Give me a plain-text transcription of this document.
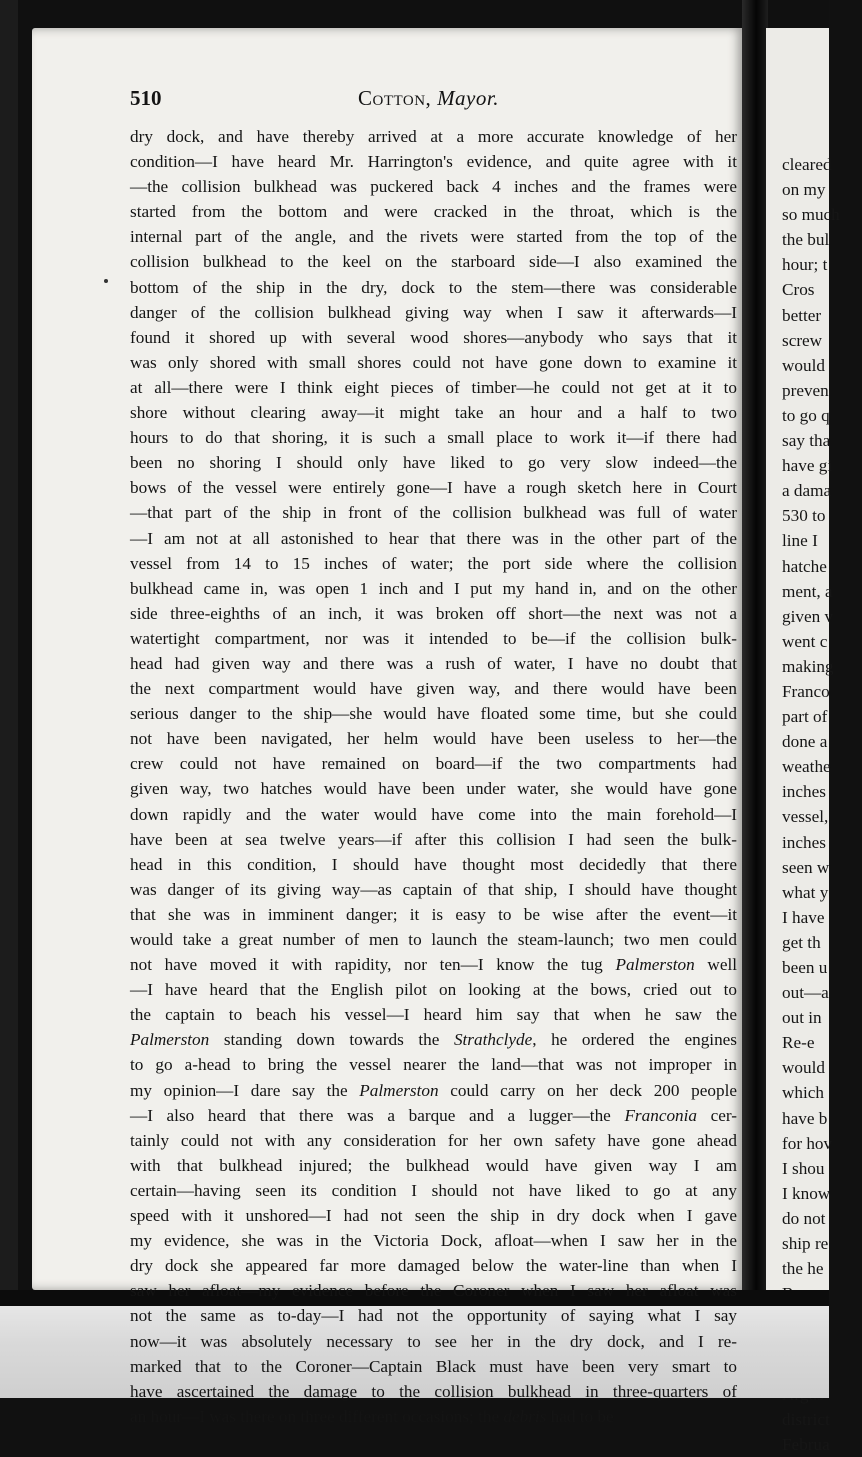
cleared
on my
so much
the bul
hour; t
Cros
better
screw
would
preven
to go q
say tha
have gi
a dama
530 to
line I
hatche
ment, a
given v
went c
making
Franco
part of
done a
weathe
inches
vessel,
inches
seen w
what y
I have
get th
been u
out—a
out in
Re-e
would
which
have b
for hov
I shou
I know
do not
ship re
the he
district
Februa
510	Cotton, Mayor.
dry dock, and have thereby arrived at a more accurate knowledge of her
condition—I have heard Mr. Harrington's evidence, and quite agree with it
—the collision bulkhead was puckered back 4 inches and the frames were
started from the bottom and were cracked in the throat, which is the
internal part of the angle, and the rivets were started from the top of the
collision bulkhead to the keel on the starboard side—I also examined the
bottom of the ship in the dry, dock to the stem—there was considerable
danger of the collision bulkhead giving way when I saw it afterwards—I
found it shored up with several wood shores—anybody who says that it
was only shored with small shores could not have gone down to examine it
at all—there were I think eight pieces of timber—he could not get at it to
shore without clearing away—it might take an hour and a half to two
hours to do that shoring, it is such a small place to work it—if there had
been no shoring I should only have liked to go very slow indeed—the
bows of the vessel were entirely gone—I have a rough sketch here in Court
—that part of the ship in front of the collision bulkhead was full of water
—I am not at all astonished to hear that there was in the other part of the
vessel from 14 to 15 inches of water; the port side where the collision
bulkhead came in, was open 1 inch and I put my hand in, and on the other
side three-eighths of an inch, it was broken off short—the next was not a
watertight compartment, nor was it intended to be—if the collision bulk-
head had given way and there was a rush of water, I have no doubt that
the next compartment would have given way, and there would have been
serious danger to the ship—she would have floated some time, but she could
not have been navigated, her helm would have been useless to her—the
crew could not have remained on board—if the two compartments had
given way, two hatches would have been under water, she would have gone
down rapidly and the water would have come into the main forehold—I
have been at sea twelve years—if after this collision I had seen the bulk-
head in this condition, I should have thought most decidedly that there
was danger of its giving way—as captain of that ship, I should have thought
that she was in imminent danger; it is easy to be wise after the event—it
would take a great number of men to launch the steam-launch; two men could
not have moved it with rapidity, nor ten—I know the tug Palmerston well
—I have heard that the English pilot on looking at the bows, cried out to
the captain to beach his vessel—I heard him say that when he saw the
Palmerston standing down towards the Strathclyde, he ordered the engines
to go a-head to bring the vessel nearer the land—that was not improper in
my opinion—I dare say the Palmerston could carry on her deck 200 people
—I also heard that there was a barque and a lugger—the Franconia cer-
tainly could not with any consideration for her own safety have gone ahead
with that bulkhead injured; the bulkhead would have given way I am
certain—having seen its condition I should not have liked to go at any
speed with it unshored—I had not seen the ship in dry dock when I gave
my evidence, she was in the Victoria Dock, afloat—when I saw her in the
dry dock she appeared far more damaged below the water-line than when I
saw her afloat—my evidence before the Coroner when I saw her afloat was
not the same as to-day—I had not the opportunity of saying what I say
now—it was absolutely necessary to see her in the dry dock, and I re-
marked that to the Coroner—Captain Black must have been very smart to
have ascertained the damage to the collision bulkhead in three-quarters of
an hour—I was there on three different occasions; the debris had to be
